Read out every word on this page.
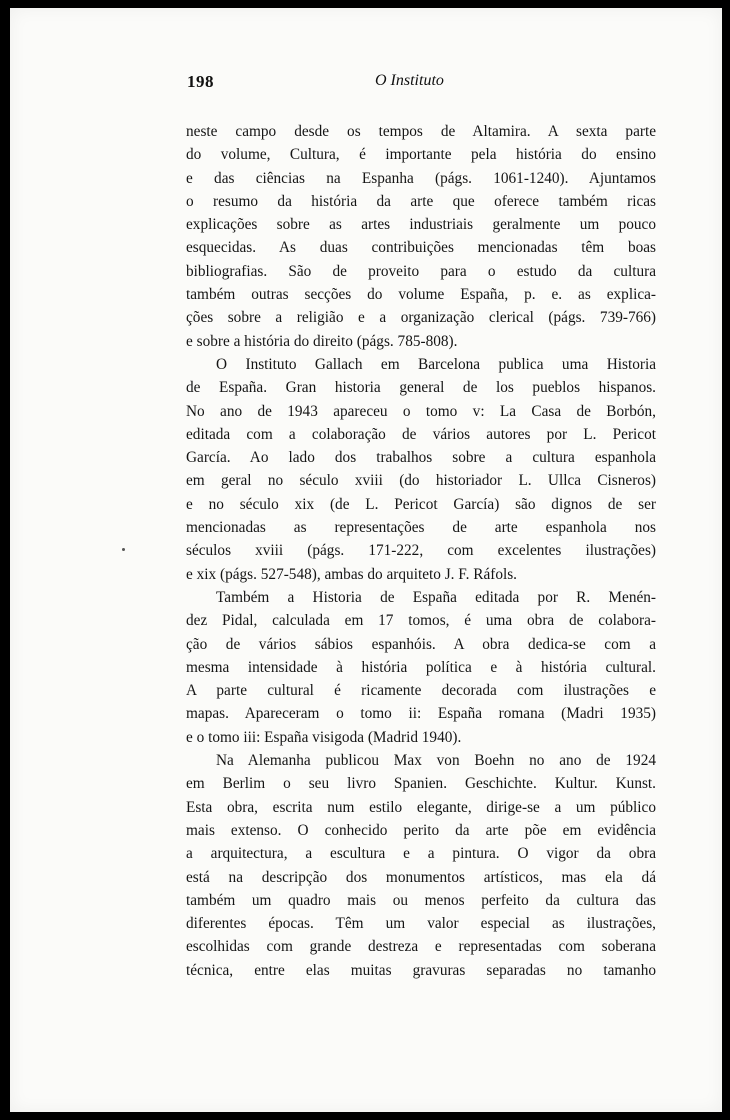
198	O Instituto
neste campo desde os tempos de Altamira. A sexta parte
do volume, Cultura, é importante pela história do ensino
e das ciências na Espanha (págs. 1061-1240). Ajuntamos
o resumo da história da arte que oferece também ricas
explicações sobre as artes industriais geralmente um pouco
esquecidas. As duas contribuições mencionadas têm boas
bibliografias. São de proveito para o estudo da cultura
também outras secções do volume España, p. e. as explica-
ções sobre a religião e a organização clerical (págs. 739-766)
e sobre a história do direito (págs. 785-808).
O Instituto Gallach em Barcelona publica uma Historia
de España. Gran historia general de los pueblos hispanos.
No ano de 1943 apareceu o tomo v: La Casa de Borbón,
editada com a colaboração de vários autores por L. Pericot
García. Ao lado dos trabalhos sobre a cultura espanhola
em geral no século xviii (do historiador L. Ullca Cisneros)
e no século xix (de L. Pericot García) são dignos de ser
mencionadas as representações de arte espanhola nos
séculos xviii (págs. 171-222, com excelentes ilustrações)
e xix (págs. 527-548), ambas do arquiteto J. F. Ráfols.
Também a Historia de España editada por R. Menén-
dez Pidal, calculada em 17 tomos, é uma obra de colabora-
ção de vários sábios espanhóis. A obra dedica-se com a
mesma intensidade à história política e à história cultural.
A parte cultural é ricamente decorada com ilustrações e
mapas. Apareceram o tomo ii: España romana (Madri 1935)
e o tomo iii: España visigoda (Madrid 1940).
Na Alemanha publicou Max von Boehn no ano de 1924
em Berlim o seu livro Spanien. Geschichte. Kultur. Kunst.
Esta obra, escrita num estilo elegante, dirige-se a um público
mais extenso. O conhecido perito da arte põe em evidência
a arquitectura, a escultura e a pintura. O vigor da obra
está na descripção dos monumentos artísticos, mas ela dá
também um quadro mais ou menos perfeito da cultura das
diferentes épocas. Têm um valor especial as ilustrações,
escolhidas com grande destreza e representadas com soberana
técnica, entre elas muitas gravuras separadas no tamanho
